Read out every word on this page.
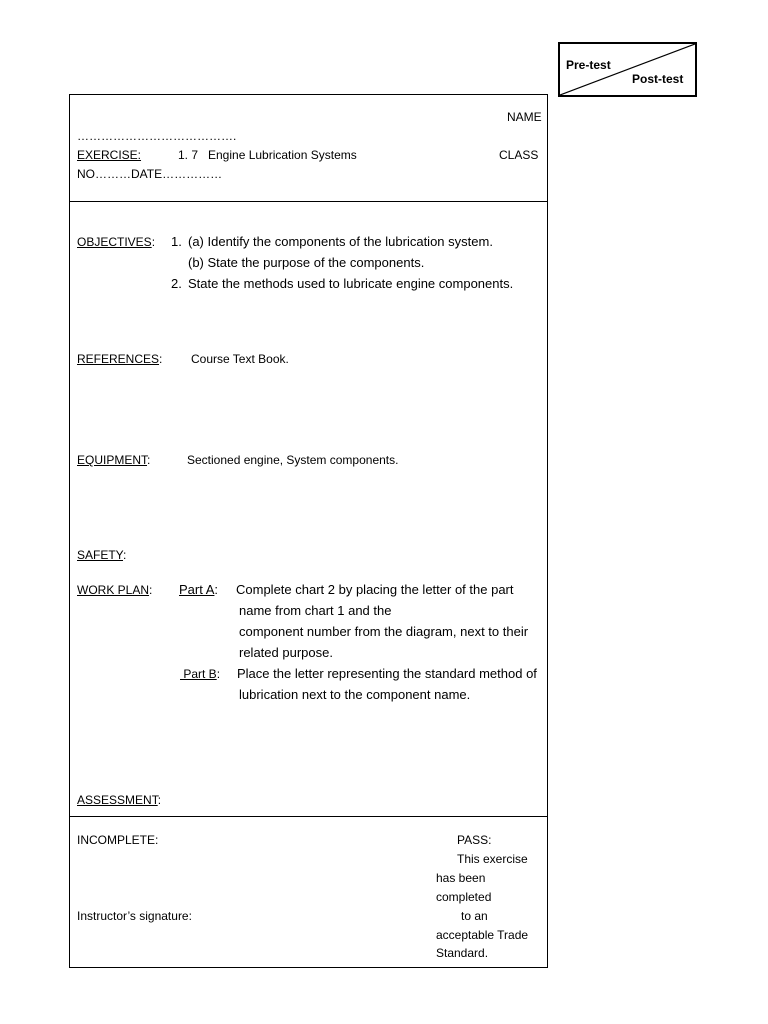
Pre-test
Post-test
NAME
………………………………….
EXERCISE:	1. 7 Engine Lubrication Systems	CLASS
NO………DATE……………
OBJECTIVES: 1. (a) Identify the components of the lubrication system.
(b) State the purpose of the components.
2. State the methods used to lubricate engine components.
REFERENCES: Course Text Book.
EQUIPMENT:	Sectioned engine, System components.
SAFETY:
WORK PLAN: Part A: Complete chart 2 by placing the letter of the part
name from chart 1 and the
component number from the diagram, next to their
related purpose.
Part B: Place the letter representing the standard method of
lubrication next to the component name.
ASSESSMENT:
INCOMPLETE:
Instructor’s signature:
PASS:
This exercise
has been
completed
to an
acceptable Trade
Standard.
